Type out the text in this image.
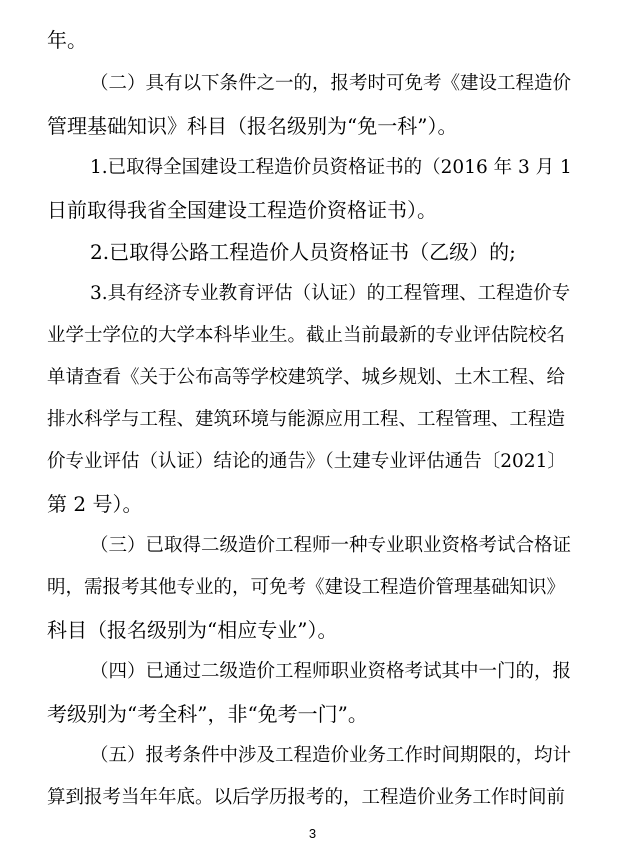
年。
（二）具有以下条件之一的，报考时可免考《建设工程造价
管理基础知识》科目（报名级别为“免一科”）。
1.已取得全国建设工程造价员资格证书的（2016 年 3 月 1
日前取得我省全国建设工程造价资格证书）。
2.已取得公路工程造价人员资格证书（乙级）的;
3.具有经济专业教育评估（认证）的工程管理、工程造价专
业学士学位的大学本科毕业生。截止当前最新的专业评估院校名
单请查看《关于公布高等学校建筑学、城乡规划、土木工程、给
排水科学与工程、建筑环境与能源应用工程、工程管理、工程造
价专业评估（认证）结论的通告》（土建专业评估通告〔2021〕
第 2 号）。
（三）已取得二级造价工程师一种专业职业资格考试合格证
明，需报考其他专业的，可免考《建设工程造价管理基础知识》
科目（报名级别为“相应专业”）。
（四）已通过二级造价工程师职业资格考试其中一门的，报
考级别为“考全科”，非“免考一门”。
（五）报考条件中涉及工程造价业务工作时间期限的，均计
算到报考当年年底。以后学历报考的，工程造价业务工作时间前
3
